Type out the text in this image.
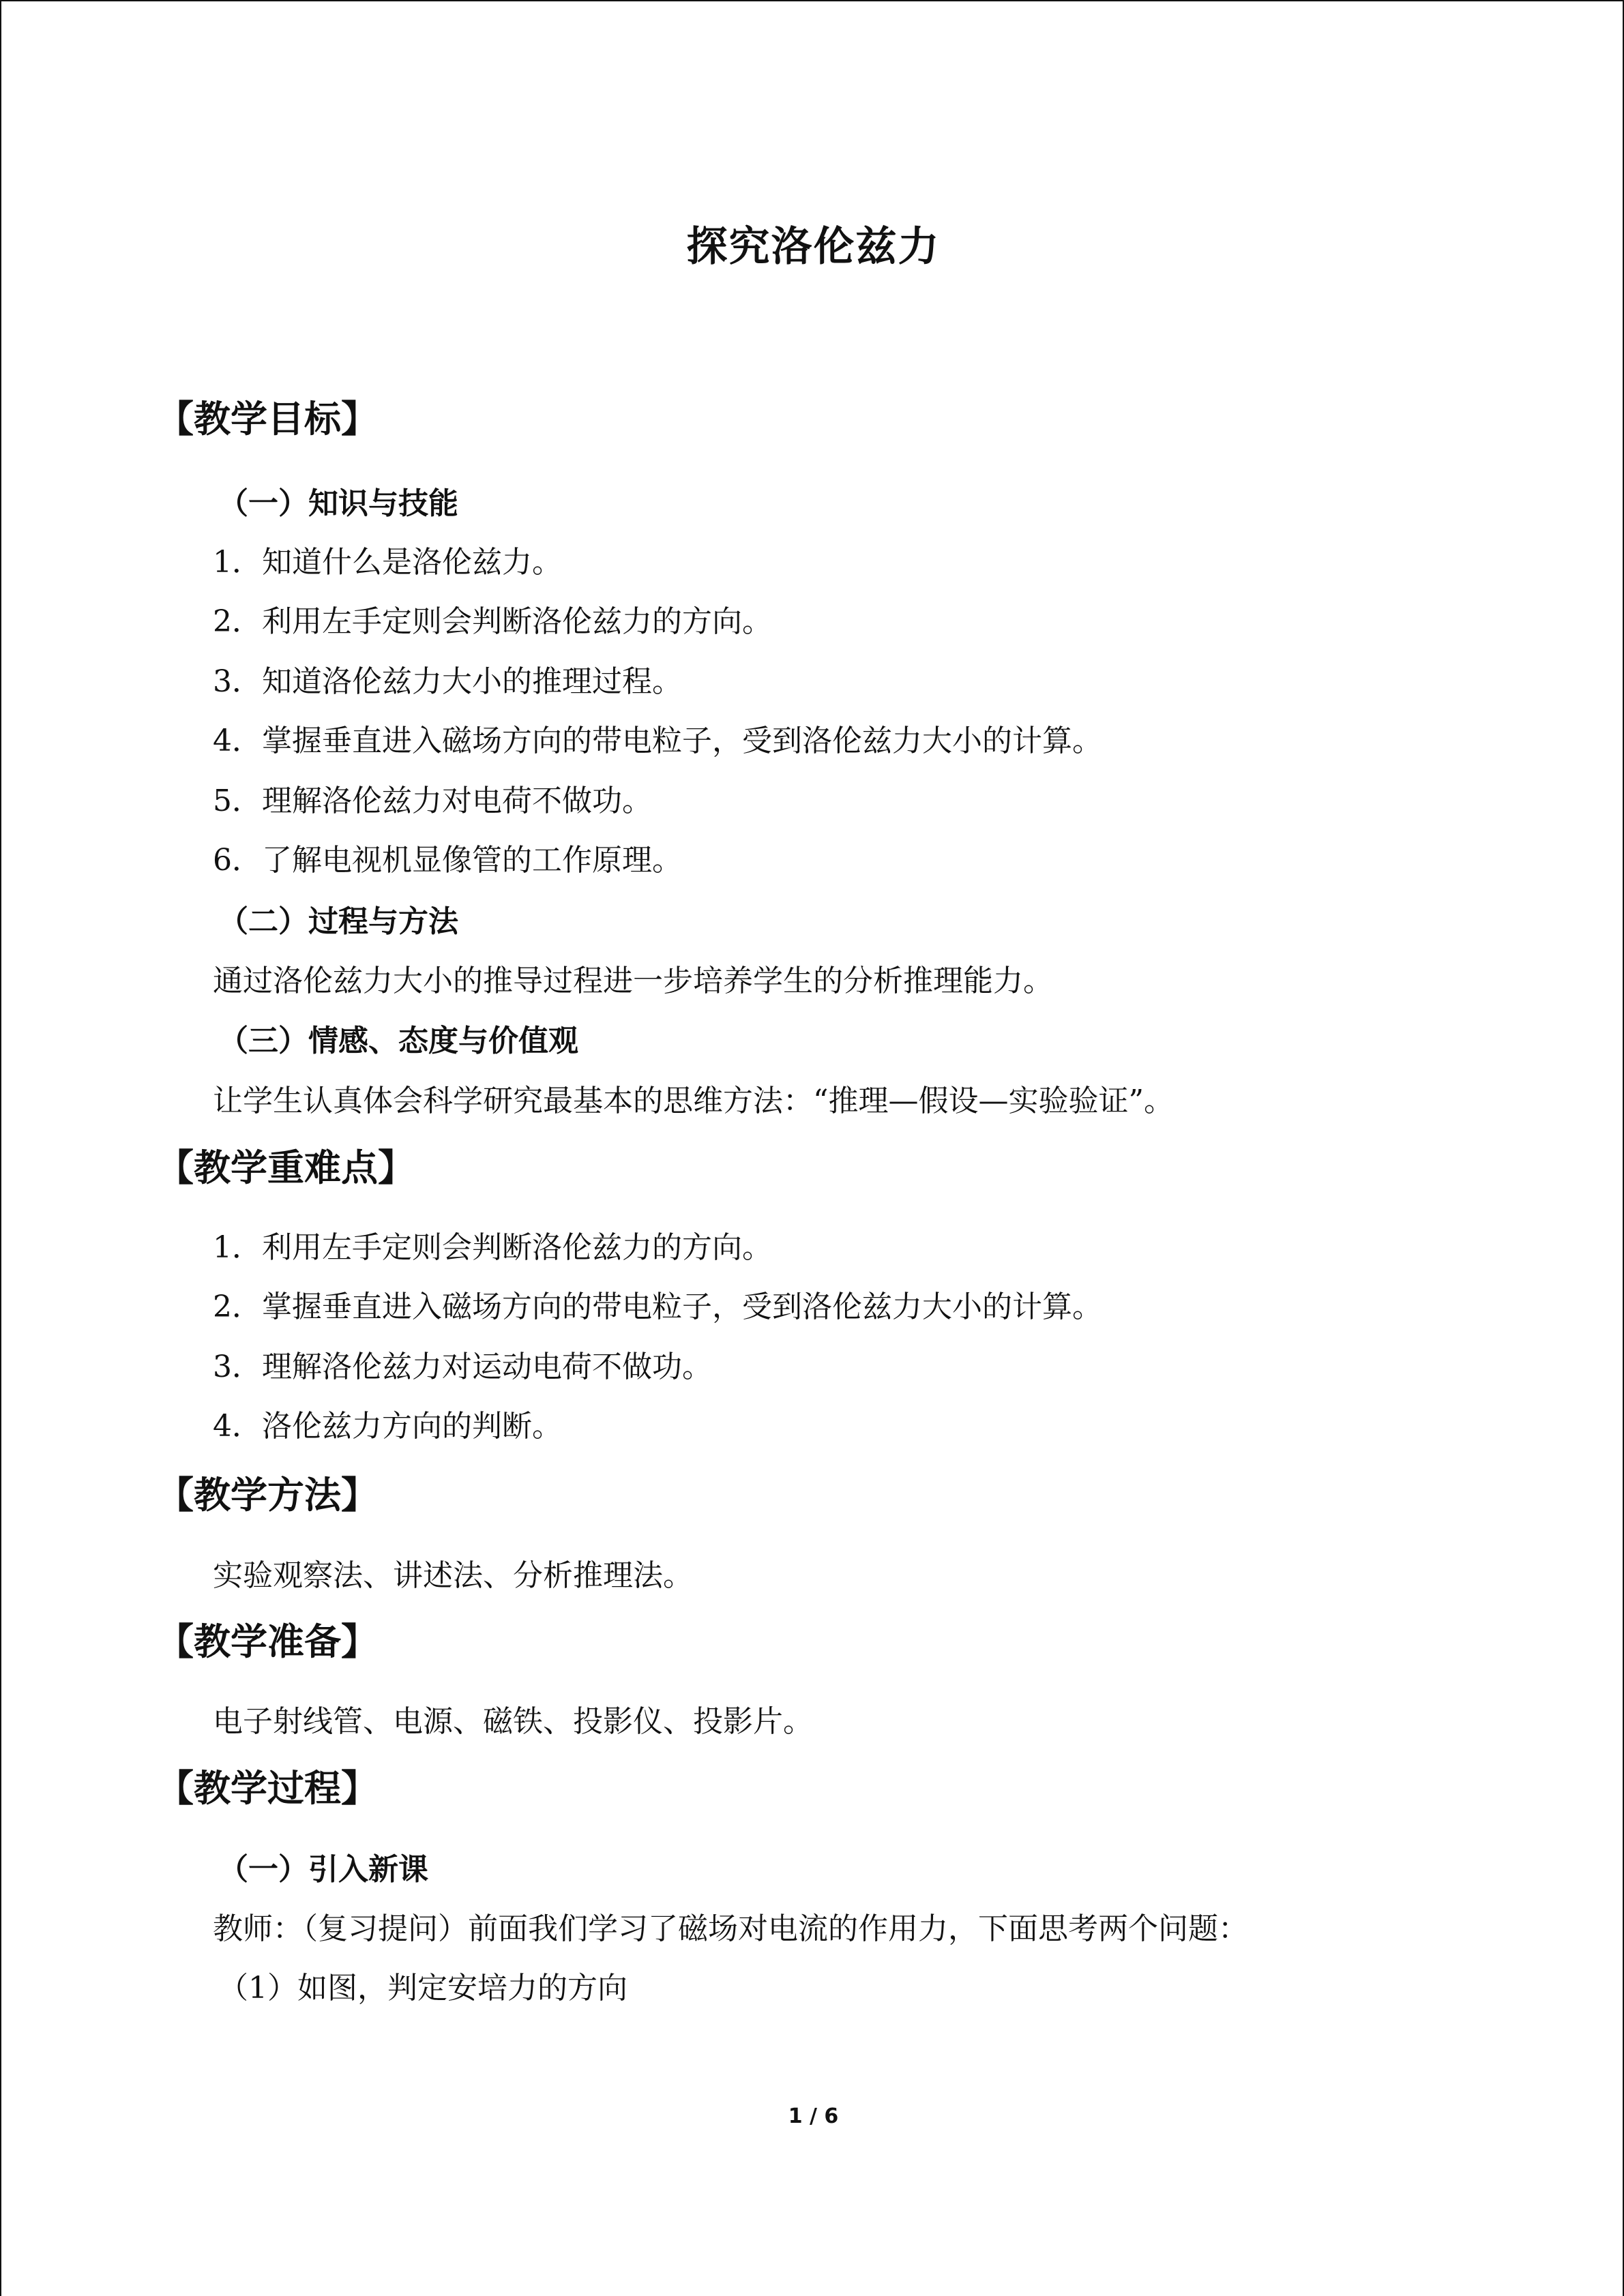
探究洛伦兹力
【教学目标】
（一）知识与技能
1．知道什么是洛伦兹力。
2．利用左手定则会判断洛伦兹力的方向。
3．知道洛伦兹力大小的推理过程。
4．掌握垂直进入磁场方向的带电粒子，受到洛伦兹力大小的计算。
5．理解洛伦兹力对电荷不做功。
6．了解电视机显像管的工作原理。
（二）过程与方法
通过洛伦兹力大小的推导过程进一步培养学生的分析推理能力。
（三）情感、态度与价值观
让学生认真体会科学研究最基本的思维方法：“推理—假设—实验验证”。
【教学重难点】
1．利用左手定则会判断洛伦兹力的方向。
2．掌握垂直进入磁场方向的带电粒子，受到洛伦兹力大小的计算。
3．理解洛伦兹力对运动电荷不做功。
4．洛伦兹力方向的判断。
【教学方法】
实验观察法、讲述法、分析推理法。
【教学准备】
电子射线管、电源、磁铁、投影仪、投影片。
【教学过程】
（一）引入新课
教师：（复习提问）前面我们学习了磁场对电流的作用力，下面思考两个问题：
（1）如图，判定安培力的方向
1 / 6
